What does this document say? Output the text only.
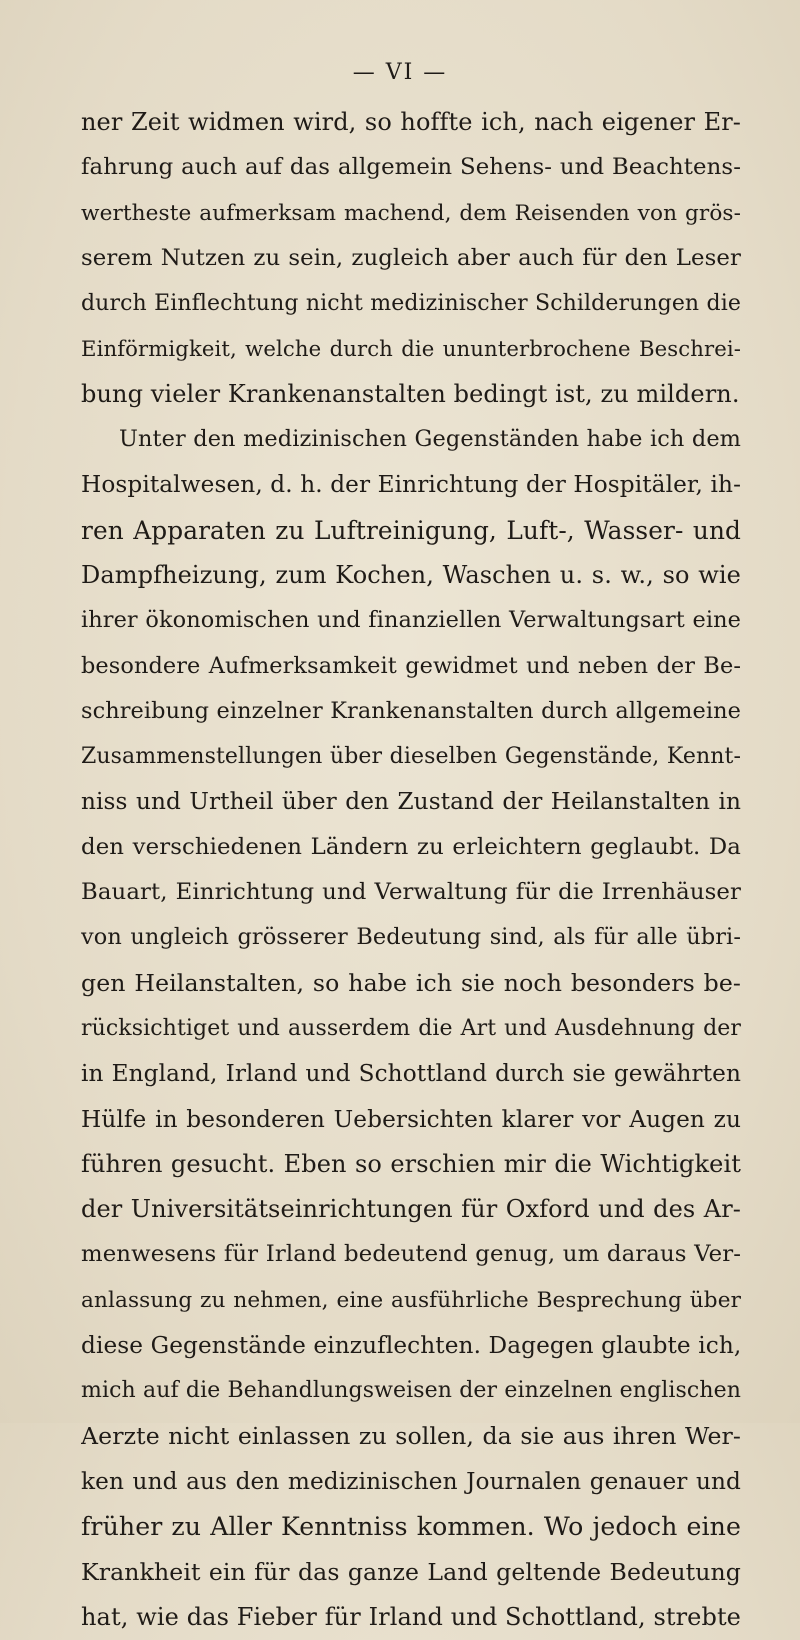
— VI —
ner Zeit widmen wird, so hoffte ich, nach eigener Er-
fahrung auch auf das allgemein Sehens- und Beachtens-
wertheste aufmerksam machend, dem Reisenden von grös-
serem Nutzen zu sein, zugleich aber auch für den Leser
durch Einflechtung nicht medizinischer Schilderungen die
Einförmigkeit, welche durch die ununterbrochene Beschrei-
bung vieler Krankenanstalten bedingt ist, zu mildern.
Unter den medizinischen Gegenständen habe ich dem
Hospitalwesen, d. h. der Einrichtung der Hospitäler, ih-
ren Apparaten zu Luftreinigung, Luft-, Wasser- und
Dampfheizung, zum Kochen, Waschen u. s. w., so wie
ihrer ökonomischen und finanziellen Verwaltungsart eine
besondere Aufmerksamkeit gewidmet und neben der Be-
schreibung einzelner Krankenanstalten durch allgemeine
Zusammenstellungen über dieselben Gegenstände, Kennt-
niss und Urtheil über den Zustand der Heilanstalten in
den verschiedenen Ländern zu erleichtern geglaubt. Da
Bauart, Einrichtung und Verwaltung für die Irrenhäuser
von ungleich grösserer Bedeutung sind, als für alle übri-
gen Heilanstalten, so habe ich sie noch besonders be-
rücksichtiget und ausserdem die Art und Ausdehnung der
in England, Irland und Schottland durch sie gewährten
Hülfe in besonderen Uebersichten klarer vor Augen zu
führen gesucht. Eben so erschien mir die Wichtigkeit
der Universitätseinrichtungen für Oxford und des Ar-
menwesens für Irland bedeutend genug, um daraus Ver-
anlassung zu nehmen, eine ausführliche Besprechung über
diese Gegenstände einzuflechten. Dagegen glaubte ich,
mich auf die Behandlungsweisen der einzelnen englischen
Aerzte nicht einlassen zu sollen, da sie aus ihren Wer-
ken und aus den medizinischen Journalen genauer und
früher zu Aller Kenntniss kommen. Wo jedoch eine
Krankheit ein für das ganze Land geltende Bedeutung
hat, wie das Fieber für Irland und Schottland, strebte
